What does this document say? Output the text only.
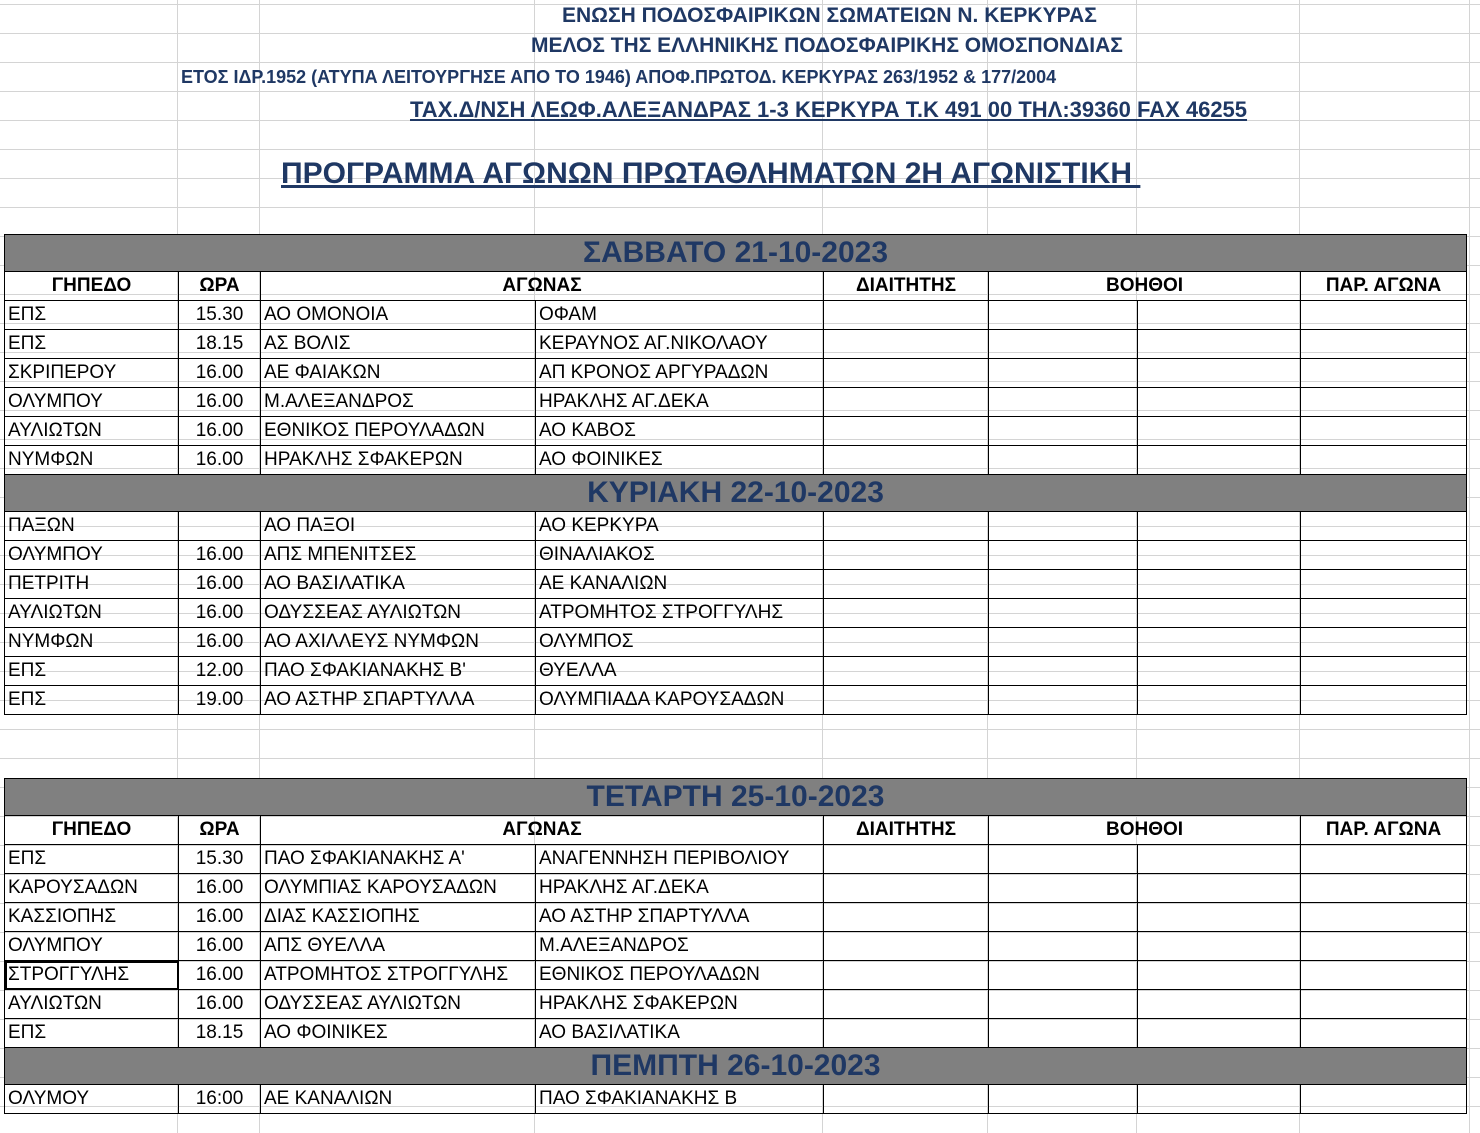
ΕΝΩΣΗ ΠΟΔΟΣΦΑΙΡΙΚΩΝ ΣΩΜΑΤΕΙΩΝ Ν. ΚΕΡΚΥΡΑΣ
ΜΕΛΟΣ ΤΗΣ ΕΛΛΗΝΙΚΗΣ ΠΟΔΟΣΦΑΙΡΙΚΗΣ ΟΜΟΣΠΟΝΔΙΑΣ
ΕΤΟΣ ΙΔΡ.1952 (ΑΤΥΠΑ ΛΕΙΤΟΥΡΓΗΣΕ ΑΠΟ ΤΟ 1946) ΑΠΟΦ.ΠΡΩΤΟΔ. ΚΕΡΚΥΡΑΣ 263/1952 & 177/2004
ΤΑΧ.Δ/ΝΣΗ ΛΕΩΦ.ΑΛΕΞΑΝΔΡΑΣ 1-3 ΚΕΡΚΥΡΑ Τ.Κ 491 00 ΤΗΛ:39360 FAX 46255
ΠΡΟΓΡΑΜΜΑ ΑΓΩΝΩΝ ΠΡΩΤΑΘΛΗΜΑΤΩΝ 2Η ΑΓΩΝΙΣΤΙΚΗ
ΣΑΒΒΑΤΟ 21-10-2023							
ΓΗΠΕΔΟ	ΩΡΑ	ΑΓΩΝΑΣ		ΔΙΑΙΤΗΤΗΣ	ΒΟΗΘΟΙ		ΠΑΡ. ΑΓΩΝΑ
ΕΠΣ	15.30	ΑΟ ΟΜΟΝΟΙΑ	ΟΦΑΜ				
ΕΠΣ	18.15	ΑΣ ΒΟΛΙΣ	ΚΕΡΑΥΝΟΣ ΑΓ.ΝΙΚΟΛΑΟΥ				
ΣΚΡΙΠΕΡΟΥ	16.00	ΑΕ ΦΑΙΑΚΩΝ	ΑΠ ΚΡΟΝΟΣ ΑΡΓΥΡΑΔΩΝ				
ΟΛΥΜΠΟΥ	16.00	Μ.ΑΛΕΞΑΝΔΡΟΣ	ΗΡΑΚΛΗΣ ΑΓ.ΔΕΚΑ				
ΑΥΛΙΩΤΩΝ	16.00	ΕΘΝΙΚΟΣ ΠΕΡΟΥΛΑΔΩΝ	ΑΟ ΚΑΒΟΣ				
ΝΥΜΦΩΝ	16.00	ΗΡΑΚΛΗΣ ΣΦΑΚΕΡΩΝ	ΑΟ ΦΟΙΝΙΚΕΣ				
ΚΥΡΙΑΚΗ 22-10-2023							
ΠΑΞΩΝ		ΑΟ ΠΑΞΟΙ	ΑΟ ΚΕΡΚΥΡΑ				
ΟΛΥΜΠΟΥ	16.00	ΑΠΣ ΜΠΕΝΙΤΣΕΣ	ΘΙΝΑΛΙΑΚΟΣ				
ΠΕΤΡΙΤΗ	16.00	ΑΟ ΒΑΣΙΛΑΤΙΚΑ	ΑΕ ΚΑΝΑΛΙΩΝ				
ΑΥΛΙΩΤΩΝ	16.00	ΟΔΥΣΣΕΑΣ ΑΥΛΙΩΤΩΝ	ΑΤΡΟΜΗΤΟΣ ΣΤΡΟΓΓΥΛΗΣ				
ΝΥΜΦΩΝ	16.00	ΑΟ ΑΧΙΛΛΕΥΣ ΝΥΜΦΩΝ	ΟΛΥΜΠΟΣ				
ΕΠΣ	12.00	ΠΑΟ ΣΦΑΚΙΑΝΑΚΗΣ Β'	ΘΥΕΛΛΑ				
ΕΠΣ	19.00	ΑΟ ΑΣΤΗΡ ΣΠΑΡΤΥΛΛΑ	ΟΛΥΜΠΙΑΔΑ ΚΑΡΟΥΣΑΔΩΝ				
ΤΕΤΑΡΤΗ 25-10-2023							
ΓΗΠΕΔΟ	ΩΡΑ	ΑΓΩΝΑΣ		ΔΙΑΙΤΗΤΗΣ	ΒΟΗΘΟΙ		ΠΑΡ. ΑΓΩΝΑ
ΕΠΣ	15.30	ΠΑΟ ΣΦΑΚΙΑΝΑΚΗΣ Α'	ΑΝΑΓΕΝΝΗΣΗ ΠΕΡΙΒΟΛΙΟΥ				
ΚΑΡΟΥΣΑΔΩΝ	16.00	ΟΛΥΜΠΙΑΣ ΚΑΡΟΥΣΑΔΩΝ	ΗΡΑΚΛΗΣ ΑΓ.ΔΕΚΑ				
ΚΑΣΣΙΟΠΗΣ	16.00	ΔΙΑΣ ΚΑΣΣΙΟΠΗΣ	ΑΟ ΑΣΤΗΡ ΣΠΑΡΤΥΛΛΑ				
ΟΛΥΜΠΟΥ	16.00	ΑΠΣ ΘΥΕΛΛΑ	Μ.ΑΛΕΞΑΝΔΡΟΣ				
ΣΤΡΟΓΓΥΛΗΣ	16.00	ΑΤΡΟΜΗΤΟΣ ΣΤΡΟΓΓΥΛΗΣ	ΕΘΝΙΚΟΣ ΠΕΡΟΥΛΑΔΩΝ				
ΑΥΛΙΩΤΩΝ	16.00	ΟΔΥΣΣΕΑΣ ΑΥΛΙΩΤΩΝ	ΗΡΑΚΛΗΣ ΣΦΑΚΕΡΩΝ				
ΕΠΣ	18.15	ΑΟ ΦΟΙΝΙΚΕΣ	ΑΟ ΒΑΣΙΛΑΤΙΚΑ				
ΠΕΜΠΤΗ 26-10-2023							
ΟΛΥΜΟΥ	16:00	ΑΕ ΚΑΝΑΛΙΩΝ	ΠΑΟ ΣΦΑΚΙΑΝΑΚΗΣ Β				
